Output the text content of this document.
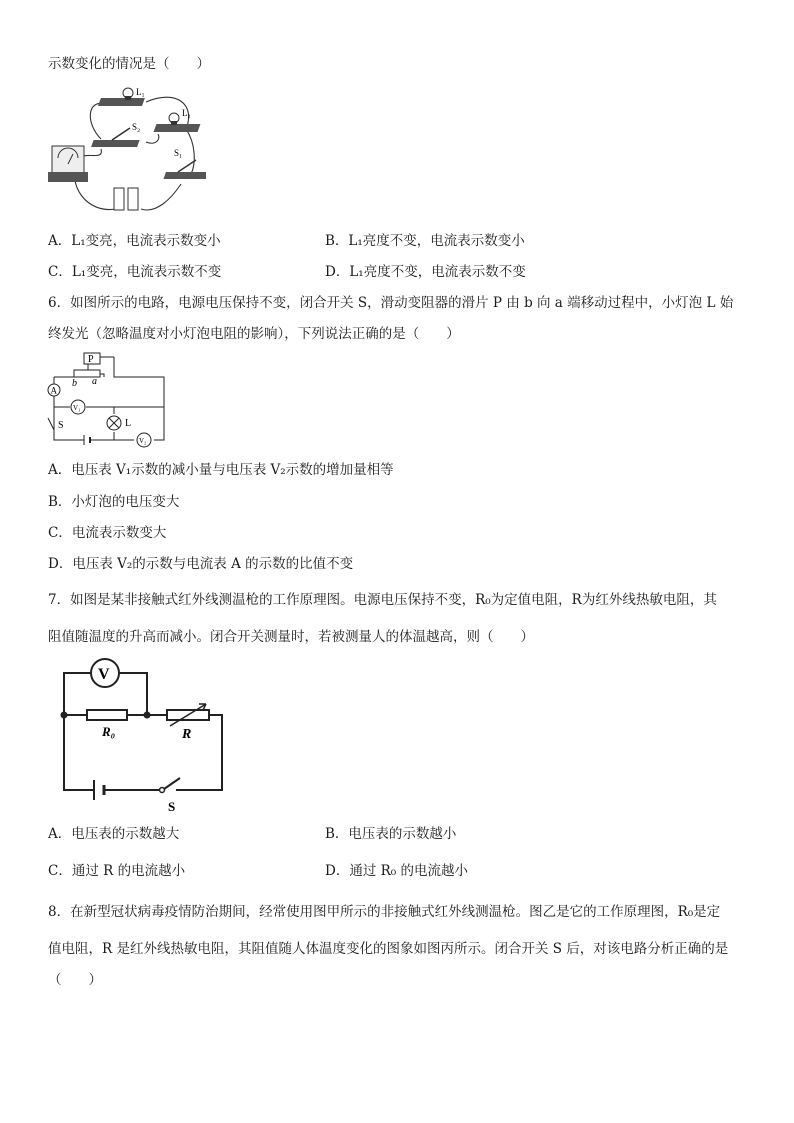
示数变化的情况是（　　）
L₁
L₂
S₂
S₁
A．L₁变亮，电流表示数变小	B．L₁亮度不变，电流表示数变小
C．L₁变亮，电流表示数不变	D．L₁亮度不变，电流表示数不变
6．如图所示的电路，电源电压保持不变，闭合开关 S，滑动变阻器的滑片 P 由 b 向 a 端移动过程中，小灯泡 L 始
终发光（忽略温度对小灯泡电阻的影响），下列说法正确的是（　　）
A
V₁
L
V₂
S
P
b a
A．电压表 V₁示数的减小量与电压表 V₂示数的增加量相等
B．小灯泡的电压变大
C．电流表示数变大
D．电压表 V₂的示数与电流表 A 的示数的比值不变
7．如图是某非接触式红外线测温枪的工作原理图。电源电压保持不变，R₀为定值电阻，R为红外线热敏电阻，其
阻值随温度的升高而减小。闭合开关测量时，若被测量人的体温越高，则（　　）
V
R₀	R
S
A．电压表的示数越大	B．电压表的示数越小
C．通过 R 的电流越小	D．通过 R₀ 的电流越小
8．在新型冠状病毒疫情防治期间，经常使用图甲所示的非接触式红外线测温枪。图乙是它的工作原理图，R₀是定
值电阻，R 是红外线热敏电阻，其阻值随人体温度变化的图象如图丙所示。闭合开关 S 后，对该电路分析正确的是
（　　）
